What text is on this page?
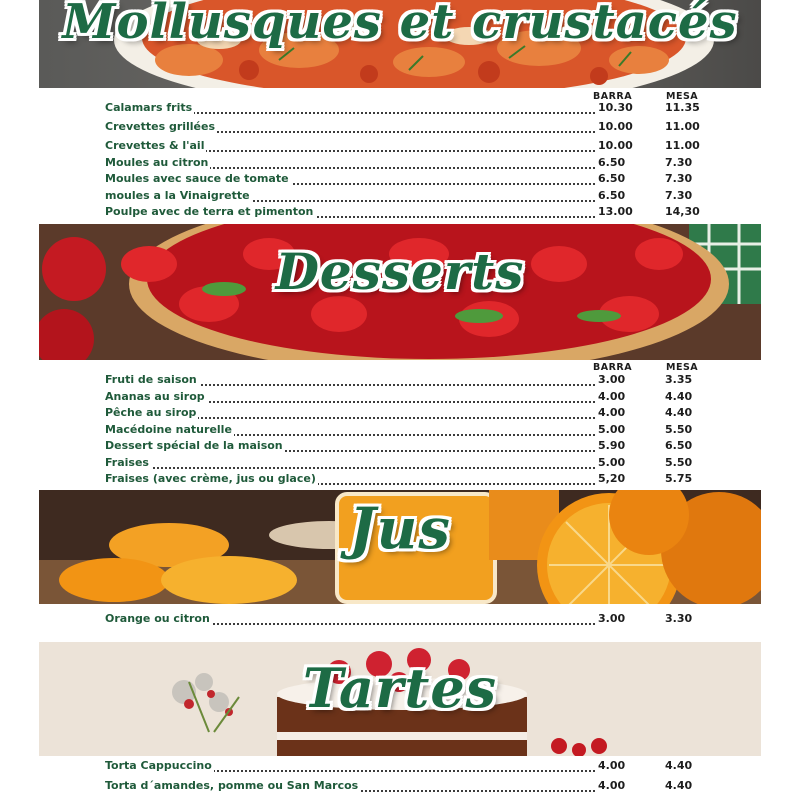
Mollusques et crustacés
BARRA	MESA
Calamars frits	10.30	11.35
Crevettes grillées	10.00	11.00
Crevettes & l'ail	10.00	11.00
Moules au citron	6.50	7.30
Moules avec sauce de tomate	6.50	7.30
moules a la Vinaigrette	6.50	7.30
Poulpe avec de terra et pimenton	13.00	14,30
Desserts
BARRA	MESA
Fruti de saison	3.00	3.35
Ananas au sirop	4.00	4.40
Pêche au sirop	4.00	4.40
Macédoine naturelle	5.00	5.50
Dessert spécial de la maison	5.90	6.50
Fraises	5.00	5.50
Fraises (avec crème, jus ou glace)	5,20	5.75
Jus
Orange ou citron	3.00	3.30
Tartes
Torta Cappuccino	4.00	4.40
Torta d´amandes, pomme ou San Marcos	4.00	4.40
